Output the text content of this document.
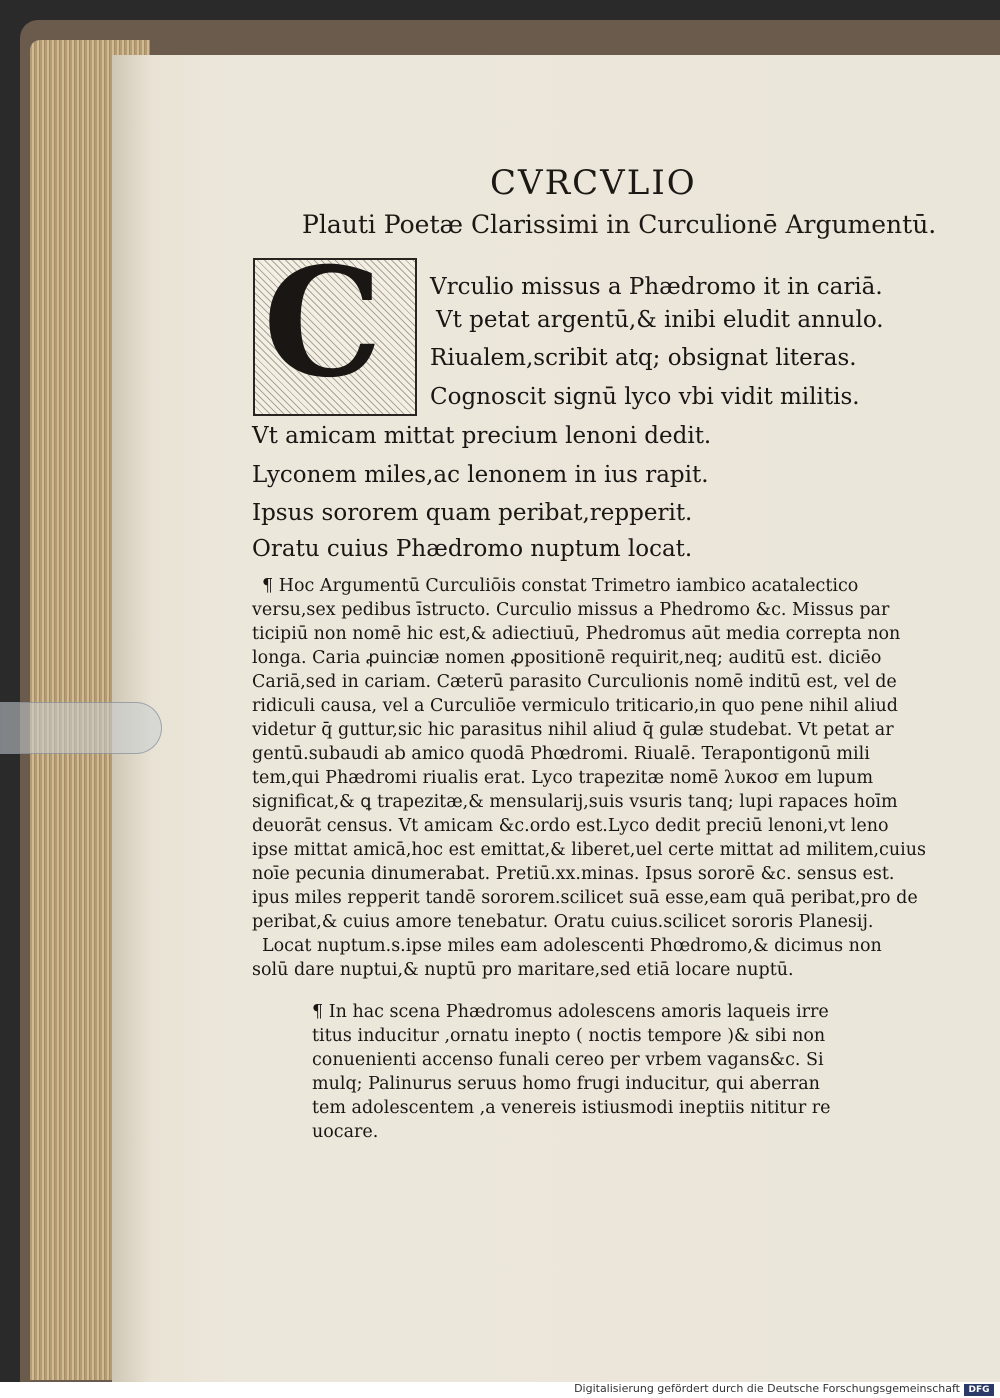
CVRCVLIO
Plauti Poetæ Clarissimi in Curculionē Argumentū.
C Vrculio missus a Phædromo it in cariā.
Vt petat argentū,& inibi eludit annulo.
Riualem,scribit atq; obsignat literas.
Cognoscit signū lyco vbi vidit militis.
Vt amicam mittat precium lenoni dedit.
Lyconem miles,ac lenonem in ius rapit.
Ipsus sororem quam peribat,repperit.
Oratu cuius Phædromo nuptum locat.
¶ Hoc Argumentū Curculiōis constat Trimetro iambico acatalectico
versu,sex pedibus īstructo. Curculio missus a Phedromo &c. Missus par
ticipiū non nomē hic est,& adiectiuū, Phedromus aūt media correpta non
longa. Caria ꝓuinciæ nomen ꝓpositionē requirit,neq; auditū est. diciēo
Cariā,sed in cariam. Cæterū parasito Curculionis nomē inditū est, vel de
ridiculi causa, vel a Curculiōe vermiculo triticario,in quo pene nihil aliud
videtur q̄ guttur,sic hic parasitus nihil aliud q̄ gulæ studebat. Vt petat ar
gentū.subaudi ab amico quodā Phœdromi. Riualē. Terapontigonū mili
tem,qui Phædromi riualis erat. Lyco trapezitæ nomē λυκοσ em lupum
significat,& ꝗ trapezitæ,& mensularij,suis vsuris tanq; lupi rapaces hoīm
deuorāt census. Vt amicam &c.ordo est.Lyco dedit preciū lenoni,vt leno
ipse mittat amicā,hoc est emittat,& liberet,uel certe mittat ad militem,cuius
noīe pecunia dinumerabat. Pretiū.xx.minas. Ipsus sororē &c. sensus est.
ipus miles repperit tandē sororem.scilicet suā esse,eam quā peribat,pro de
peribat,& cuius amore tenebatur. Oratu cuius.scilicet sororis Planesij.
Locat nuptum.s.ipse miles eam adolescenti Phœdromo,& dicimus non
solū dare nuptui,& nuptū pro maritare,sed etiā locare nuptū.
¶ In hac scena Phædromus adolescens amoris laqueis irre
titus inducitur ,ornatu inepto ( noctis tempore )& sibi non
conuenienti accenso funali cereo per vrbem vagans&c. Si
mulq; Palinurus seruus homo frugi inducitur, qui aberran
tem adolescentem ,a venereis istiusmodi ineptiis nititur re
uocare.
Digitalisierung gefördert durch die Deutsche Forschungsgemeinschaft DFG
